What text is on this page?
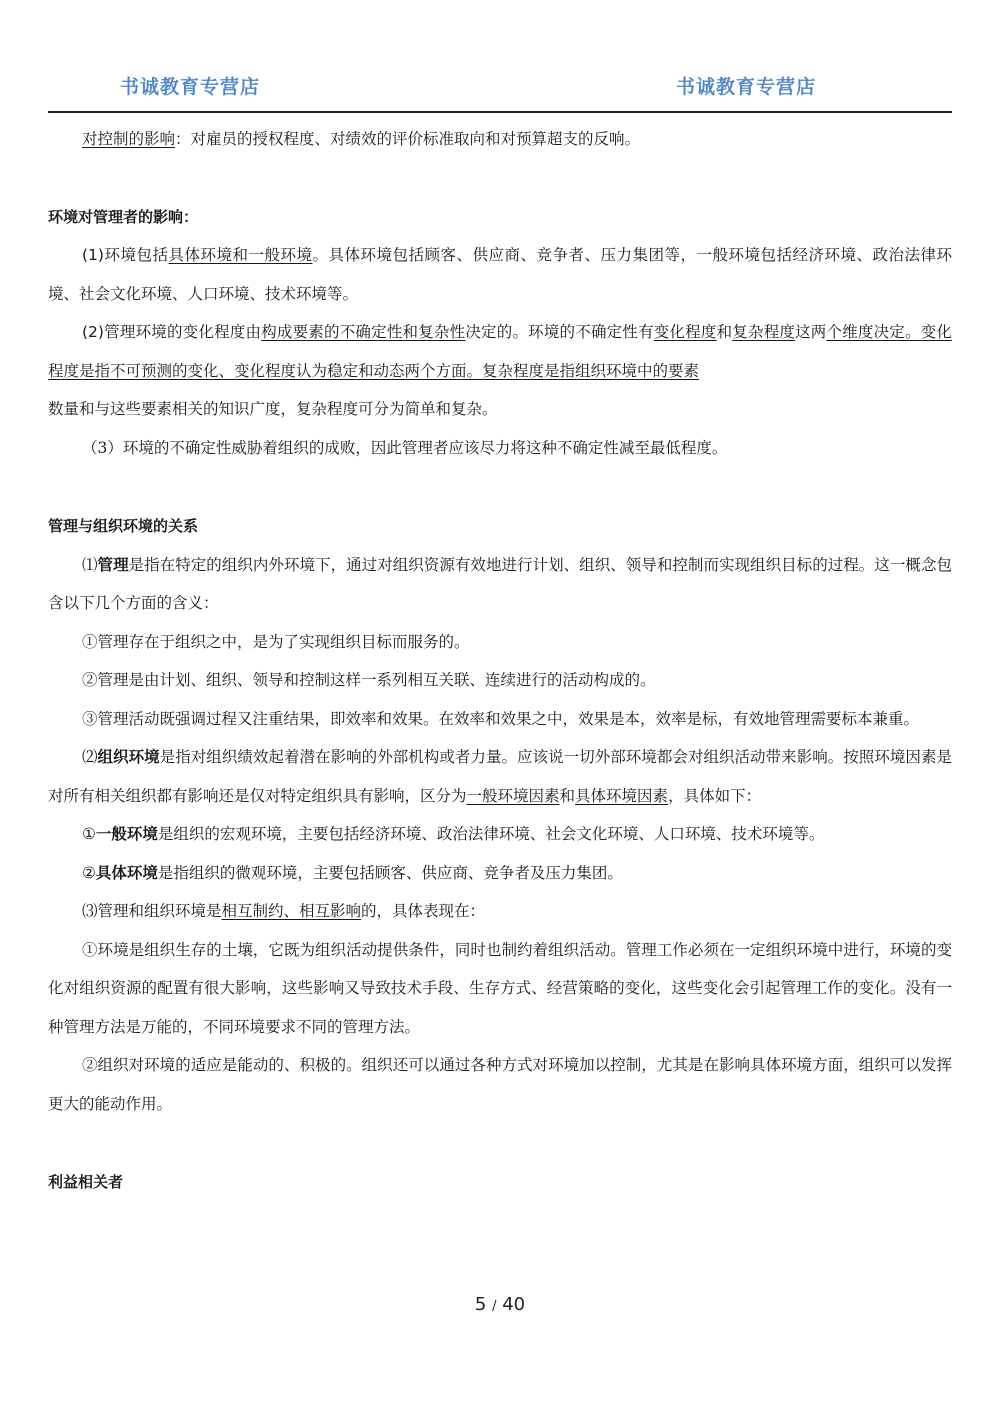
书诚教育专营店	书诚教育专营店

对控制的影响：对雇员的授权程度、对绩效的评价标准取向和对预算超支的反响。

环境对管理者的影响：

(1)环境包括具体环境和一般环境。具体环境包括顾客、供应商、竞争者、压力集团等，一般环境包括经济环境、政治法律环境、社会文化环境、人口环境、技术环境等。

(2)管理环境的变化程度由构成要素的不确定性和复杂性决定的。环境的不确定性有变化程度和复杂程度这两个维度决定。变化程度是指不可预测的变化、变化程度认为稳定和动态两个方面。复杂程度是指组织环境中的要素
数量和与这些要素相关的知识广度，复杂程度可分为简单和复杂。

（3）环境的不确定性威胁着组织的成败，因此管理者应该尽力将这种不确定性减至最低程度。

管理与组织环境的关系

⑴管理是指在特定的组织内外环境下，通过对组织资源有效地进行计划、组织、领导和控制而实现组织目标的过程。这一概念包含以下几个方面的含义：

①管理存在于组织之中，是为了实现组织目标而服务的。

②管理是由计划、组织、领导和控制这样一系列相互关联、连续进行的活动构成的。

③管理活动既强调过程又注重结果，即效率和效果。在效率和效果之中，效果是本，效率是标，有效地管理需要标本兼重。

⑵组织环境是指对组织绩效起着潜在影响的外部机构或者力量。应该说一切外部环境都会对组织活动带来影响。按照环境因素是对所有相关组织都有影响还是仅对特定组织具有影响，区分为一般环境因素和具体环境因素，具体如下：

①一般环境是组织的宏观环境，主要包括经济环境、政治法律环境、社会文化环境、人口环境、技术环境等。

②具体环境是指组织的微观环境，主要包括顾客、供应商、竞争者及压力集团。

⑶管理和组织环境是相互制约、相互影响的，具体表现在：

①环境是组织生存的土壤，它既为组织活动提供条件，同时也制约着组织活动。管理工作必须在一定组织环境中进行，环境的变化对组织资源的配置有很大影响，这些影响又导致技术手段、生存方式、经营策略的变化，这些变化会引起管理工作的变化。没有一种管理方法是万能的，不同环境要求不同的管理方法。

②组织对环境的适应是能动的、积极的。组织还可以通过各种方式对环境加以控制，尤其是在影响具体环境方面，组织可以发挥更大的能动作用。

利益相关者

5 / 40
